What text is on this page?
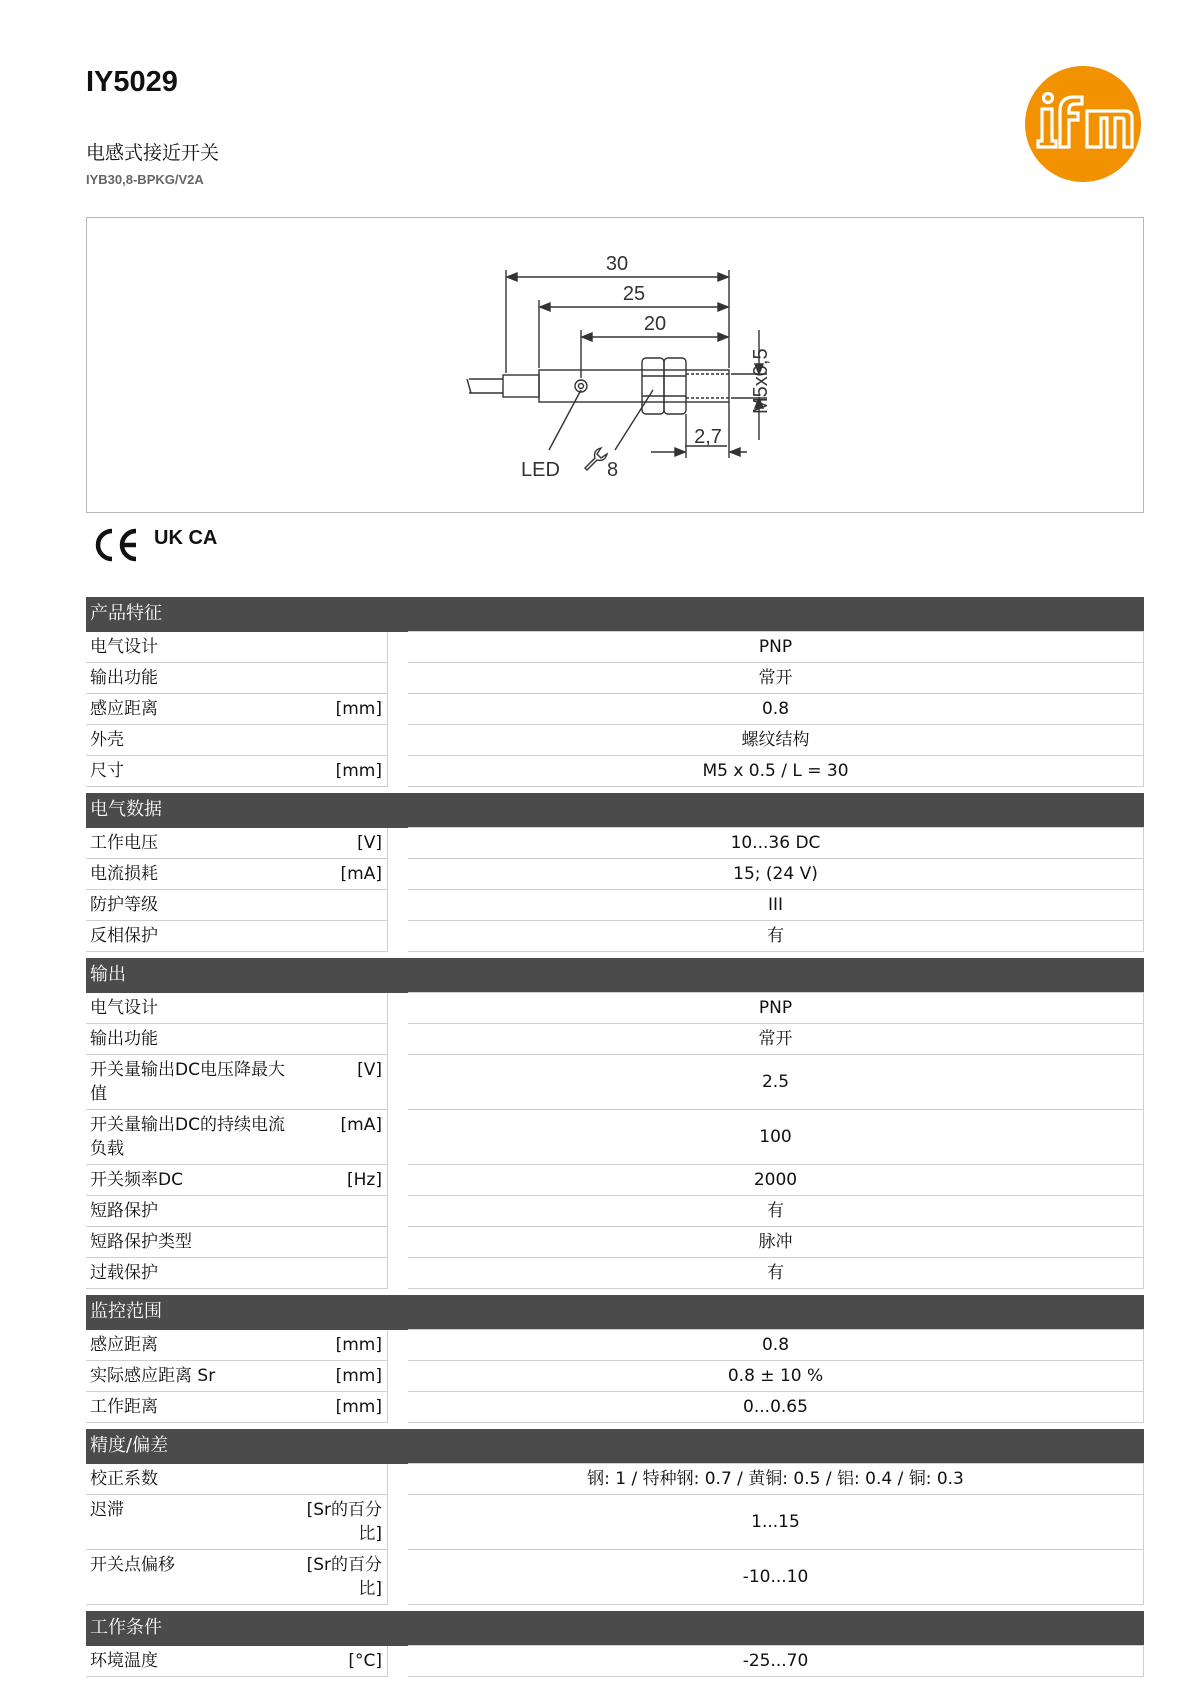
IY5029
电感式接近开关
IYB30,8-BPKG/V2A	ifm
30
25
20
2,7
M5x0,5
LED 8
UK CA
CE
产品特征			
电气设计			PNP
输出功能			常开
感应距离	[mm]		0.8
外壳			螺纹结构
尺寸	[mm]		M5 x 0.5 / L = 30

电气数据			
工作电压	[V]		10...36 DC
电流损耗	[mA]		15; (24 V)
防护等级			III
反相保护			有

输出			
电气设计			PNP
输出功能			常开
开关量输出DC电压降最大值	[V]		2.5
开关量输出DC的持续电流负载	[mA]		100
开关频率DC	[Hz]		2000
短路保护			有
短路保护类型			脉冲
过载保护			有

监控范围			
感应距离	[mm]		0.8
实际感应距离 Sr	[mm]		0.8 ± 10 %
工作距离	[mm]		0...0.65

精度/偏差			
校正系数			钢: 1 / 特种钢: 0.7 / 黄铜: 0.5 / 铝: 0.4 / 铜: 0.3
迟滞	[Sr的百分比]		1...15
开关点偏移	[Sr的百分比]		-10...10

工作条件			
环境温度	[°C]		-25...70
